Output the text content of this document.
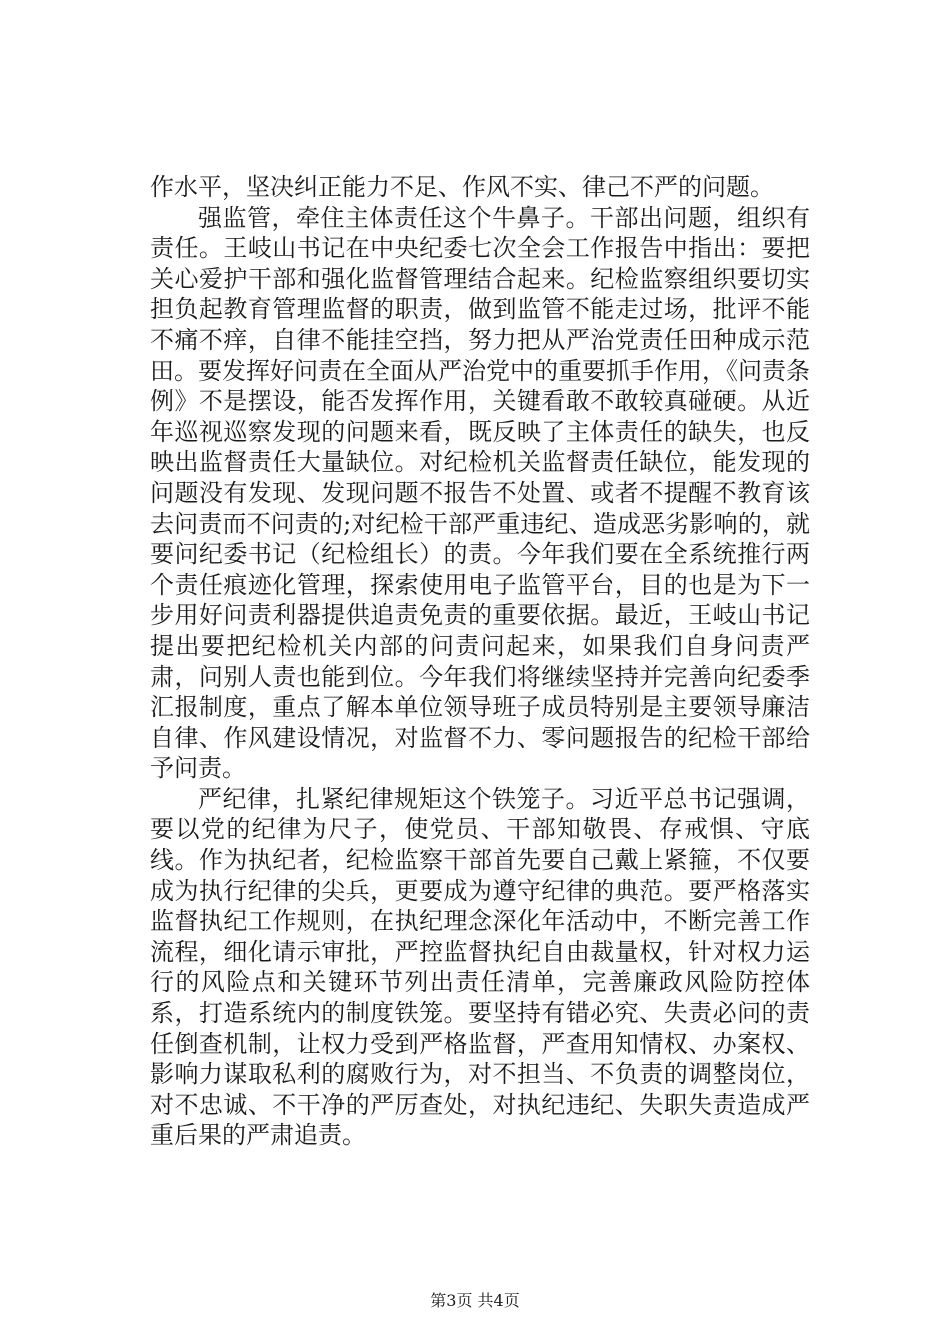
作水平，坚决纠正能力不足、作风不实、律己不严的问题。

强监管，牵住主体责任这个牛鼻子。干部出问题，组织有责任。王岐山书记在中央纪委七次全会工作报告中指出：要把关心爱护干部和强化监督管理结合起来。纪检监察组织要切实担负起教育管理监督的职责，做到监管不能走过场，批评不能不痛不痒，自律不能挂空挡，努力把从严治党责任田种成示范田。要发挥好问责在全面从严治党中的重要抓手作用，《问责条例》不是摆设，能否发挥作用，关键看敢不敢较真碰硬。从近年巡视巡察发现的问题来看，既反映了主体责任的缺失，也反映出监督责任大量缺位。对纪检机关监督责任缺位，能发现的问题没有发现、发现问题不报告不处置、或者不提醒不教育该去问责而不问责的;对纪检干部严重违纪、造成恶劣影响的，就要问纪委书记（纪检组长）的责。今年我们要在全系统推行两个责任痕迹化管理，探索使用电子监管平台，目的也是为下一步用好问责利器提供追责免责的重要依据。最近，王岐山书记提出要把纪检机关内部的问责问起来，如果我们自身问责严肃，问别人责也能到位。今年我们将继续坚持并完善向纪委季汇报制度，重点了解本单位领导班子成员特别是主要领导廉洁自律、作风建设情况，对监督不力、零问题报告的纪检干部给予问责。

严纪律，扎紧纪律规矩这个铁笼子。习近平总书记强调，要以党的纪律为尺子，使党员、干部知敬畏、存戒惧、守底线。作为执纪者，纪检监察干部首先要自己戴上紧箍，不仅要成为执行纪律的尖兵，更要成为遵守纪律的典范。要严格落实监督执纪工作规则，在执纪理念深化年活动中，不断完善工作流程，细化请示审批，严控监督执纪自由裁量权，针对权力运行的风险点和关键环节列出责任清单，完善廉政风险防控体系，打造系统内的制度铁笼。要坚持有错必究、失责必问的责任倒查机制，让权力受到严格监督，严查用知情权、办案权、影响力谋取私利的腐败行为，对不担当、不负责的调整岗位，对不忠诚、不干净的严厉查处，对执纪违纪、失职失责造成严重后果的严肃追责。

第3页 共4页
